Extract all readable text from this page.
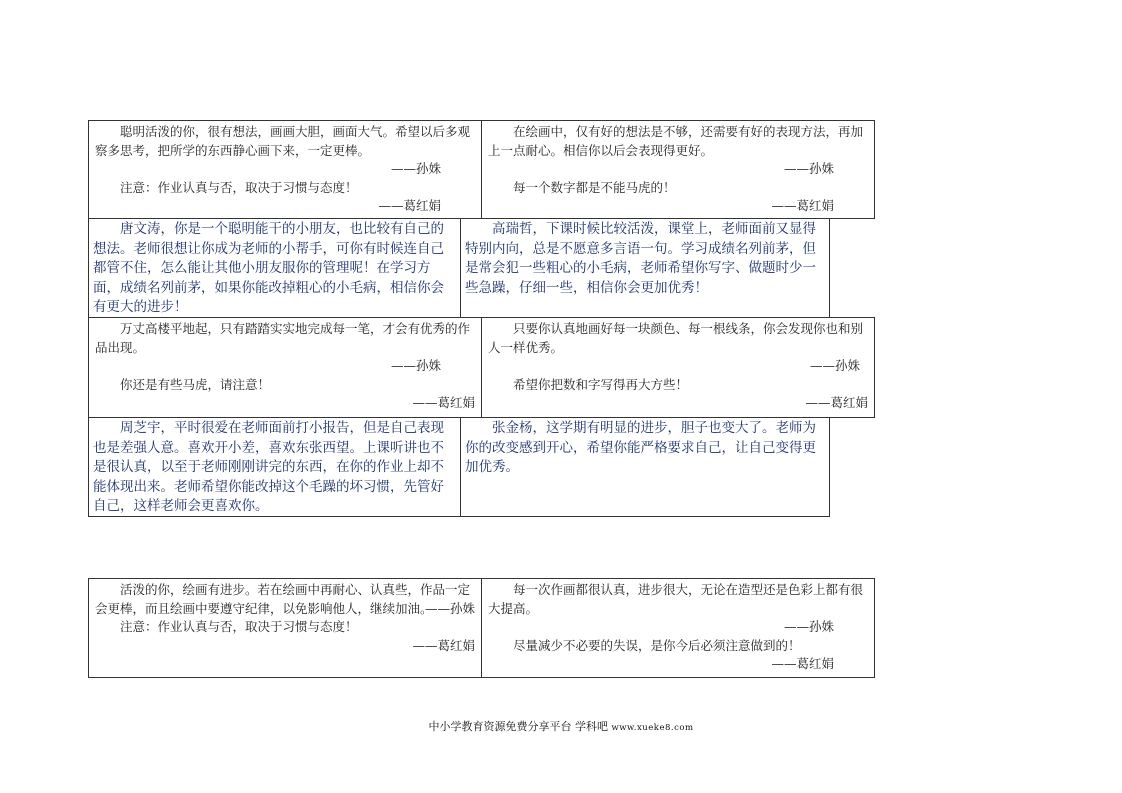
聪明活泼的你，很有想法，画画大胆，画面大气。希望以后多观察多思考，把所学的东西静心画下来，一定更棒。

——孙姝

注意：作业认真与否，取决于习惯与态度！

——葛红娟

在绘画中，仅有好的想法是不够，还需要有好的表现方法，再加上一点耐心。相信你以后会表现得更好。

——孙姝

每一个数字都是不能马虎的！

——葛红娟

唐文涛，你是一个聪明能干的小朋友，也比较有自己的想法。老师很想让你成为老师的小帮手，可你有时候连自己都管不住，怎么能让其他小朋友服你的管理呢！在学习方面，成绩名列前茅，如果你能改掉粗心的小毛病，相信你会有更大的进步！

高瑞哲，下课时候比较活泼，课堂上，老师面前又显得特别内向，总是不愿意多言语一句。学习成绩名列前茅，但是常会犯一些粗心的小毛病，老师希望你写字、做题时少一些急躁，仔细一些，相信你会更加优秀！

万丈高楼平地起，只有踏踏实实地完成每一笔，才会有优秀的作品出现。

——孙姝

你还是有些马虎，请注意！

——葛红娟

只要你认真地画好每一块颜色、每一根线条，你会发现你也和别人一样优秀。

——孙姝

希望你把数和字写得再大方些！

——葛红娟

周芝宇，平时很爱在老师面前打小报告，但是自己表现也是差强人意。喜欢开小差，喜欢东张西望。上课听讲也不是很认真，以至于老师刚刚讲完的东西，在你的作业上却不能体现出来。老师希望你能改掉这个毛躁的坏习惯，先管好自己，这样老师会更喜欢你。

张金杨，这学期有明显的进步，胆子也变大了。老师为你的改变感到开心，希望你能严格要求自己，让自己变得更加优秀。

活泼的你，绘画有进步。若在绘画中再耐心、认真些，作品一定会更棒，而且绘画中要遵守纪律，以免影响他人，继续加油。

——孙姝

注意：作业认真与否，取决于习惯与态度！

——葛红娟

每一次作画都很认真，进步很大，无论在造型还是色彩上都有很大提高。

——孙姝

尽量减少不必要的失误，是你今后必须注意做到的！

——葛红娟

中小学教育资源免费分享平台 学科吧 www.xueke8.com
